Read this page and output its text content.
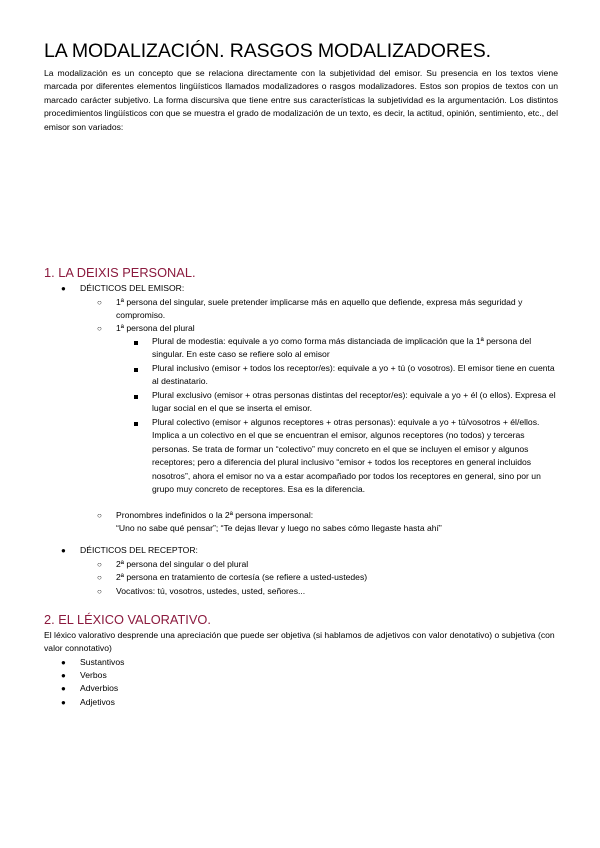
LA MODALIZACIÓN. RASGOS MODALIZADORES.
La modalización es un concepto que se relaciona directamente con la subjetividad del emisor. Su presencia en los textos viene marcada por diferentes elementos lingüísticos llamados modalizadores o rasgos modalizadores. Estos son propios de textos con un marcado carácter subjetivo. La forma discursiva que tiene entre sus características la subjetividad es la argumentación. Los distintos procedimientos lingüísticos con que se muestra el grado de modalización de un texto, es decir, la actitud, opinión, sentimiento, etc., del emisor son variados:
1. LA DEIXIS PERSONAL.
● DÉICTICOS DEL EMISOR:
○ 1ª persona del singular, suele pretender implicarse más en aquello que defiende, expresa más seguridad y compromiso.
○ 1ª persona del plural
Plural de modestia: equivale a yo como forma más distanciada de implicación que la 1ª persona del singular. En este caso se refiere solo al emisor
Plural inclusivo (emisor + todos los receptor/es): equivale a yo + tú (o vosotros). El emisor tiene en cuenta al destinatario.
Plural exclusivo (emisor + otras personas distintas del receptor/es): equivale a yo + él (o ellos). Expresa el lugar social en el que se inserta el emisor.
Plural colectivo (emisor + algunos receptores + otras personas): equivale a yo + tú/vosotros + él/ellos. Implica a un colectivo en el que se encuentran el emisor, algunos receptores (no todos) y terceras personas. Se trata de formar un “colectivo” muy concreto en el que se incluyen el emisor y algunos receptores; pero a diferencia del plural inclusivo “emisor + todos los receptores en general incluidos nosotros”, ahora el emisor no va a estar acompañado por todos los receptores en general, sino por un grupo muy concreto de receptores. Esa es la diferencia.
○ Pronombres indefinidos o la 2ª persona impersonal:
“Uno no sabe qué pensar”; “Te dejas llevar y luego no sabes cómo llegaste hasta ahí”
● DÉICTICOS DEL RECEPTOR:
○ 2ª persona del singular o del plural
○ 2ª persona en tratamiento de cortesía (se refiere a usted-ustedes)
○ Vocativos: tú, vosotros, ustedes, usted, señores...
2. EL LÉXICO VALORATIVO.
El léxico valorativo desprende una apreciación que puede ser objetiva (si hablamos de adjetivos con valor denotativo) o subjetiva (con valor connotativo)
● Sustantivos
● Verbos
● Adverbios
● Adjetivos
